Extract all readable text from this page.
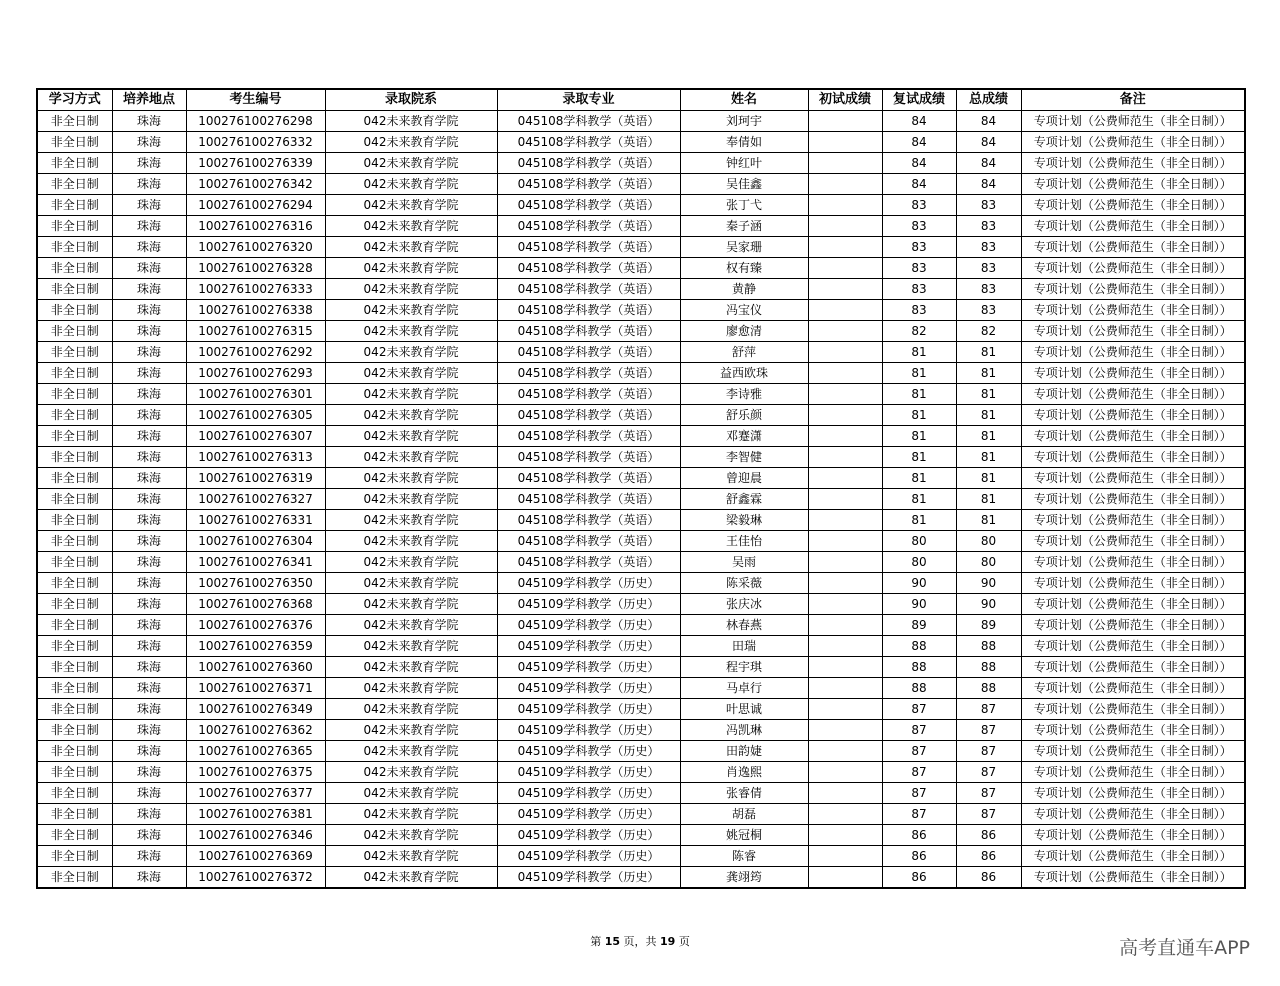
学习方式	培养地点	考生编号	录取院系	录取专业	姓名	初试成绩	复试成绩	总成绩	备注
非全日制	珠海	100276100276298	042未来教育学院	045108学科教学（英语）	刘珂宇		84	84	专项计划（公费师范生（非全日制））
非全日制	珠海	100276100276332	042未来教育学院	045108学科教学（英语）	奉倩如		84	84	专项计划（公费师范生（非全日制））
非全日制	珠海	100276100276339	042未来教育学院	045108学科教学（英语）	钟红叶		84	84	专项计划（公费师范生（非全日制））
非全日制	珠海	100276100276342	042未来教育学院	045108学科教学（英语）	吴佳鑫		84	84	专项计划（公费师范生（非全日制））
非全日制	珠海	100276100276294	042未来教育学院	045108学科教学（英语）	张丁弋		83	83	专项计划（公费师范生（非全日制））
非全日制	珠海	100276100276316	042未来教育学院	045108学科教学（英语）	秦子涵		83	83	专项计划（公费师范生（非全日制））
非全日制	珠海	100276100276320	042未来教育学院	045108学科教学（英语）	吴家珊		83	83	专项计划（公费师范生（非全日制））
非全日制	珠海	100276100276328	042未来教育学院	045108学科教学（英语）	权有臻		83	83	专项计划（公费师范生（非全日制））
非全日制	珠海	100276100276333	042未来教育学院	045108学科教学（英语）	黄静		83	83	专项计划（公费师范生（非全日制））
非全日制	珠海	100276100276338	042未来教育学院	045108学科教学（英语）	冯宝仪		83	83	专项计划（公费师范生（非全日制））
非全日制	珠海	100276100276315	042未来教育学院	045108学科教学（英语）	廖愈清		82	82	专项计划（公费师范生（非全日制））
非全日制	珠海	100276100276292	042未来教育学院	045108学科教学（英语）	舒萍		81	81	专项计划（公费师范生（非全日制））
非全日制	珠海	100276100276293	042未来教育学院	045108学科教学（英语）	益西欧珠		81	81	专项计划（公费师范生（非全日制））
非全日制	珠海	100276100276301	042未来教育学院	045108学科教学（英语）	李诗雅		81	81	专项计划（公费师范生（非全日制））
非全日制	珠海	100276100276305	042未来教育学院	045108学科教学（英语）	舒乐颜		81	81	专项计划（公费师范生（非全日制））
非全日制	珠海	100276100276307	042未来教育学院	045108学科教学（英语）	邓蹇潇		81	81	专项计划（公费师范生（非全日制））
非全日制	珠海	100276100276313	042未来教育学院	045108学科教学（英语）	李智健		81	81	专项计划（公费师范生（非全日制））
非全日制	珠海	100276100276319	042未来教育学院	045108学科教学（英语）	曾迎晨		81	81	专项计划（公费师范生（非全日制））
非全日制	珠海	100276100276327	042未来教育学院	045108学科教学（英语）	舒鑫霖		81	81	专项计划（公费师范生（非全日制））
非全日制	珠海	100276100276331	042未来教育学院	045108学科教学（英语）	梁毅琳		81	81	专项计划（公费师范生（非全日制））
非全日制	珠海	100276100276304	042未来教育学院	045108学科教学（英语）	王佳怡		80	80	专项计划（公费师范生（非全日制））
非全日制	珠海	100276100276341	042未来教育学院	045108学科教学（英语）	吴雨		80	80	专项计划（公费师范生（非全日制））
非全日制	珠海	100276100276350	042未来教育学院	045109学科教学（历史）	陈采薇		90	90	专项计划（公费师范生（非全日制））
非全日制	珠海	100276100276368	042未来教育学院	045109学科教学（历史）	张庆冰		90	90	专项计划（公费师范生（非全日制））
非全日制	珠海	100276100276376	042未来教育学院	045109学科教学（历史）	林春燕		89	89	专项计划（公费师范生（非全日制））
非全日制	珠海	100276100276359	042未来教育学院	045109学科教学（历史）	田瑞		88	88	专项计划（公费师范生（非全日制））
非全日制	珠海	100276100276360	042未来教育学院	045109学科教学（历史）	程宇琪		88	88	专项计划（公费师范生（非全日制））
非全日制	珠海	100276100276371	042未来教育学院	045109学科教学（历史）	马卓行		88	88	专项计划（公费师范生（非全日制））
非全日制	珠海	100276100276349	042未来教育学院	045109学科教学（历史）	叶思诚		87	87	专项计划（公费师范生（非全日制））
非全日制	珠海	100276100276362	042未来教育学院	045109学科教学（历史）	冯凯琳		87	87	专项计划（公费师范生（非全日制））
非全日制	珠海	100276100276365	042未来教育学院	045109学科教学（历史）	田韵婕		87	87	专项计划（公费师范生（非全日制））
非全日制	珠海	100276100276375	042未来教育学院	045109学科教学（历史）	肖逸熙		87	87	专项计划（公费师范生（非全日制））
非全日制	珠海	100276100276377	042未来教育学院	045109学科教学（历史）	张睿倩		87	87	专项计划（公费师范生（非全日制））
非全日制	珠海	100276100276381	042未来教育学院	045109学科教学（历史）	胡磊		87	87	专项计划（公费师范生（非全日制））
非全日制	珠海	100276100276346	042未来教育学院	045109学科教学（历史）	姚冠桐		86	86	专项计划（公费师范生（非全日制））
非全日制	珠海	100276100276369	042未来教育学院	045109学科教学（历史）	陈睿		86	86	专项计划（公费师范生（非全日制））
非全日制	珠海	100276100276372	042未来教育学院	045109学科教学（历史）	龚翊筠		86	86	专项计划（公费师范生（非全日制））
第 15 页，共 19 页	高考直通车APP
